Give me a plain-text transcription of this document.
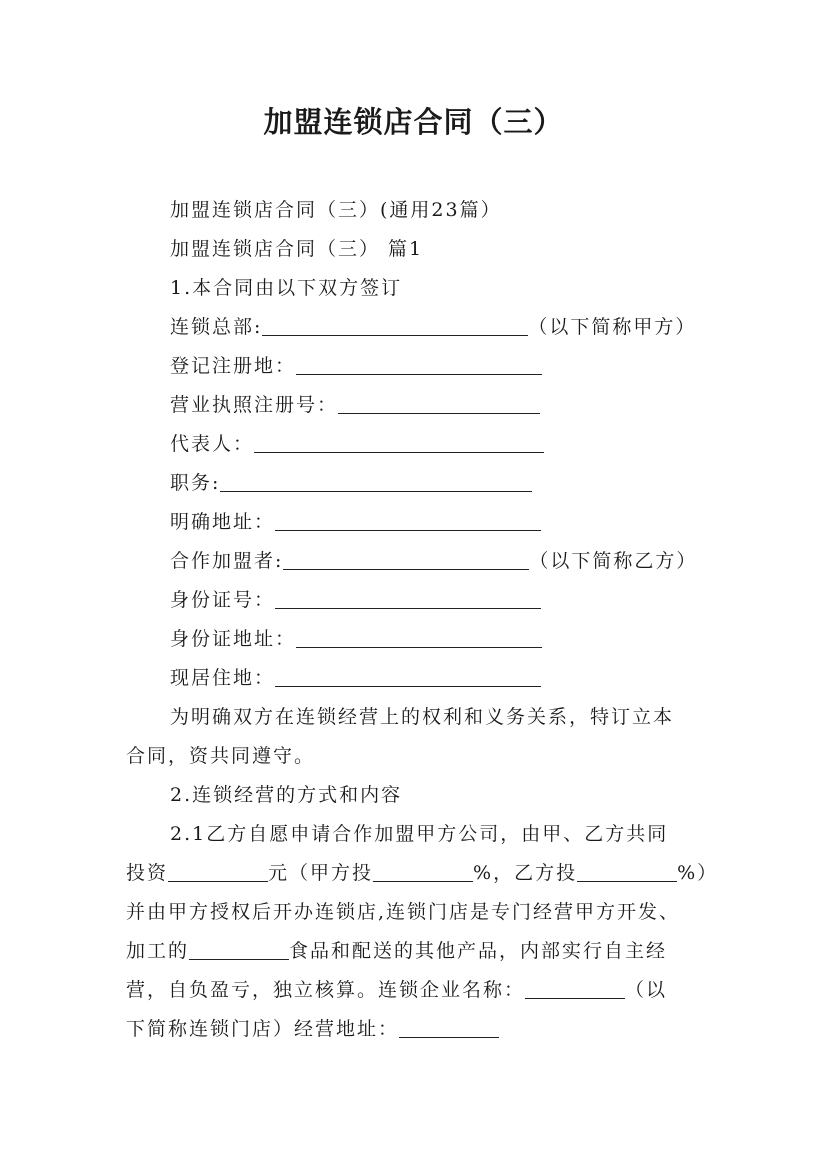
加盟连锁店合同（三）
加盟连锁店合同（三）(通用23篇）
加盟连锁店合同（三） 篇1
1.本合同由以下双方签订
连锁总部:	（以下简称甲方）
登记注册地：
营业执照注册号：
代表人：
职务:
明确地址：
合作加盟者:	（以下简称乙方）
身份证号：
身份证地址：
现居住地：
为明确双方在连锁经营上的权利和义务关系，特订立本
合同，资共同遵守。
2.连锁经营的方式和内容
2.1乙方自愿申请合作加盟甲方公司，由甲、乙方共同
投资	元（甲方投	%，乙方投	%）
并由甲方授权后开办连锁店,连锁门店是专门经营甲方开发、
加工的	食品和配送的其他产品，内部实行自主经
营，自负盈亏，独立核算。连锁企业名称：	（以
下简称连锁门店）经营地址：
